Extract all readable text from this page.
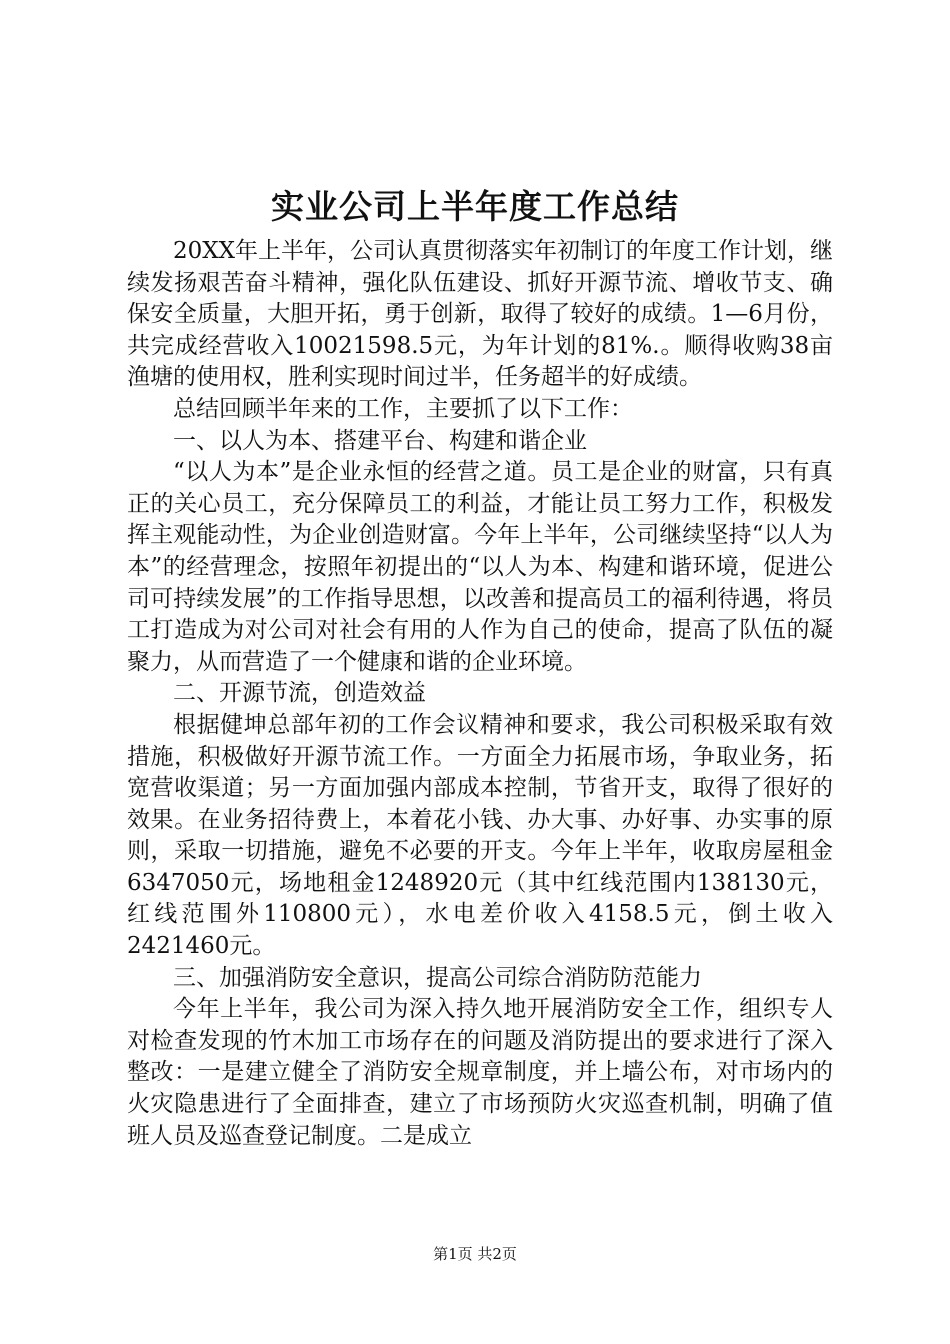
实业公司上半年度工作总结

20XX年上半年，公司认真贯彻落实年初制订的年度工作计划，继续发扬艰苦奋斗精神，强化队伍建设、抓好开源节流、增收节支、确保安全质量，大胆开拓，勇于创新，取得了较好的成绩。1—6月份，共完成经营收入10021598.5元，为年计划的81%.。顺得收购38亩渔塘的使用权，胜利实现时间过半，任务超半的好成绩。

总结回顾半年来的工作，主要抓了以下工作：

一、以人为本、搭建平台、构建和谐企业

“以人为本”是企业永恒的经营之道。员工是企业的财富，只有真正的关心员工，充分保障员工的利益，才能让员工努力工作，积极发挥主观能动性，为企业创造财富。今年上半年，公司继续坚持“以人为本”的经营理念，按照年初提出的“以人为本、构建和谐环境，促进公司可持续发展”的工作指导思想，以改善和提高员工的福利待遇，将员工打造成为对公司对社会有用的人作为自己的使命，提高了队伍的凝聚力，从而营造了一个健康和谐的企业环境。

二、开源节流，创造效益

根据健坤总部年初的工作会议精神和要求，我公司积极采取有效措施，积极做好开源节流工作。一方面全力拓展市场，争取业务，拓宽营收渠道；另一方面加强内部成本控制，节省开支，取得了很好的效果。在业务招待费上，本着花小钱、办大事、办好事、办实事的原则，采取一切措施，避免不必要的开支。今年上半年，收取房屋租金6347050元，场地租金1248920元（其中红线范围内138130元，红线范围外110800元），水电差价收入4158.5元，倒土收入2421460元。

三、加强消防安全意识，提高公司综合消防防范能力

今年上半年，我公司为深入持久地开展消防安全工作，组织专人对检查发现的竹木加工市场存在的问题及消防提出的要求进行了深入整改：一是建立健全了消防安全规章制度，并上墙公布，对市场内的火灾隐患进行了全面排查，建立了市场预防火灾巡查机制，明确了值班人员及巡查登记制度。二是成立

第1页 共2页
